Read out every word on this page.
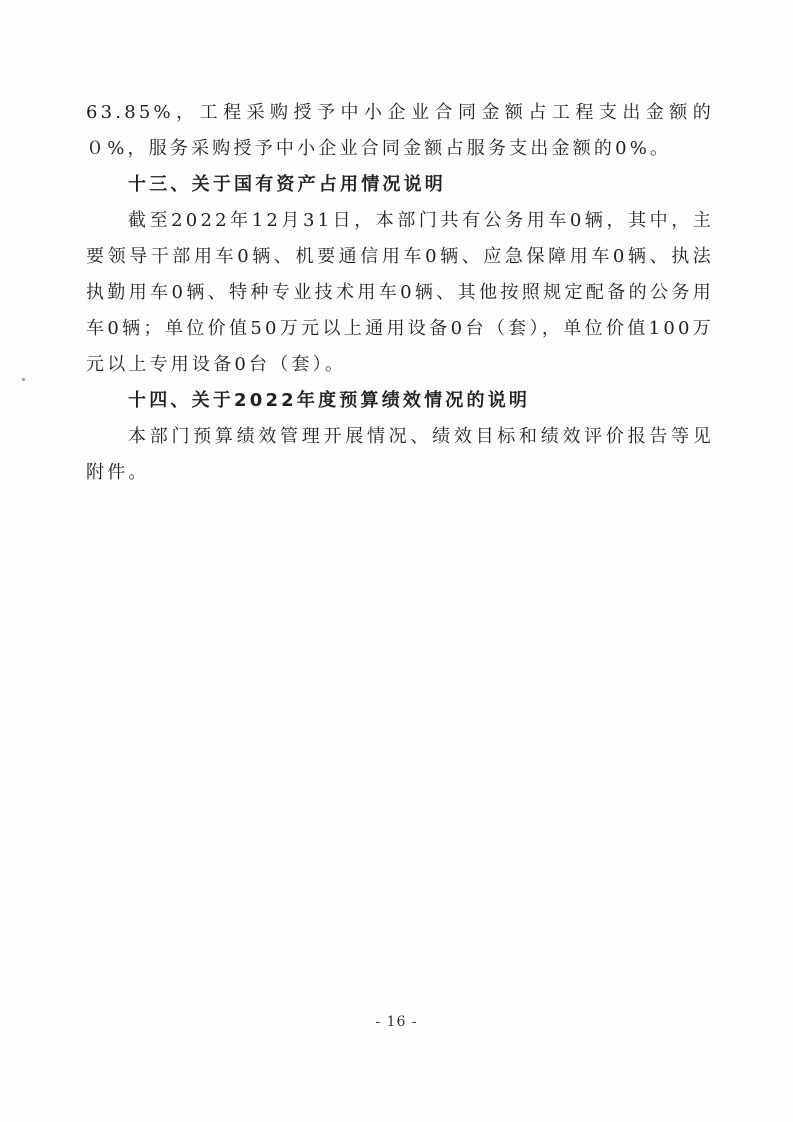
63.85%，工程采购授予中小企业合同金额占工程支出金额的０%，服务采购授予中小企业合同金额占服务支出金额的0%。

十三、关于国有资产占用情况说明

截至2022年12月31日，本部门共有公务用车0辆，其中，主要领导干部用车0辆、机要通信用车0辆、应急保障用车0辆、执法执勤用车0辆、特种专业技术用车0辆、其他按照规定配备的公务用车0辆；单位价值50万元以上通用设备0台（套），单位价值100万元以上专用设备0台（套）。

十四、关于2022年度预算绩效情况的说明

本部门预算绩效管理开展情况、绩效目标和绩效评价报告等见附件。

- 16 -
